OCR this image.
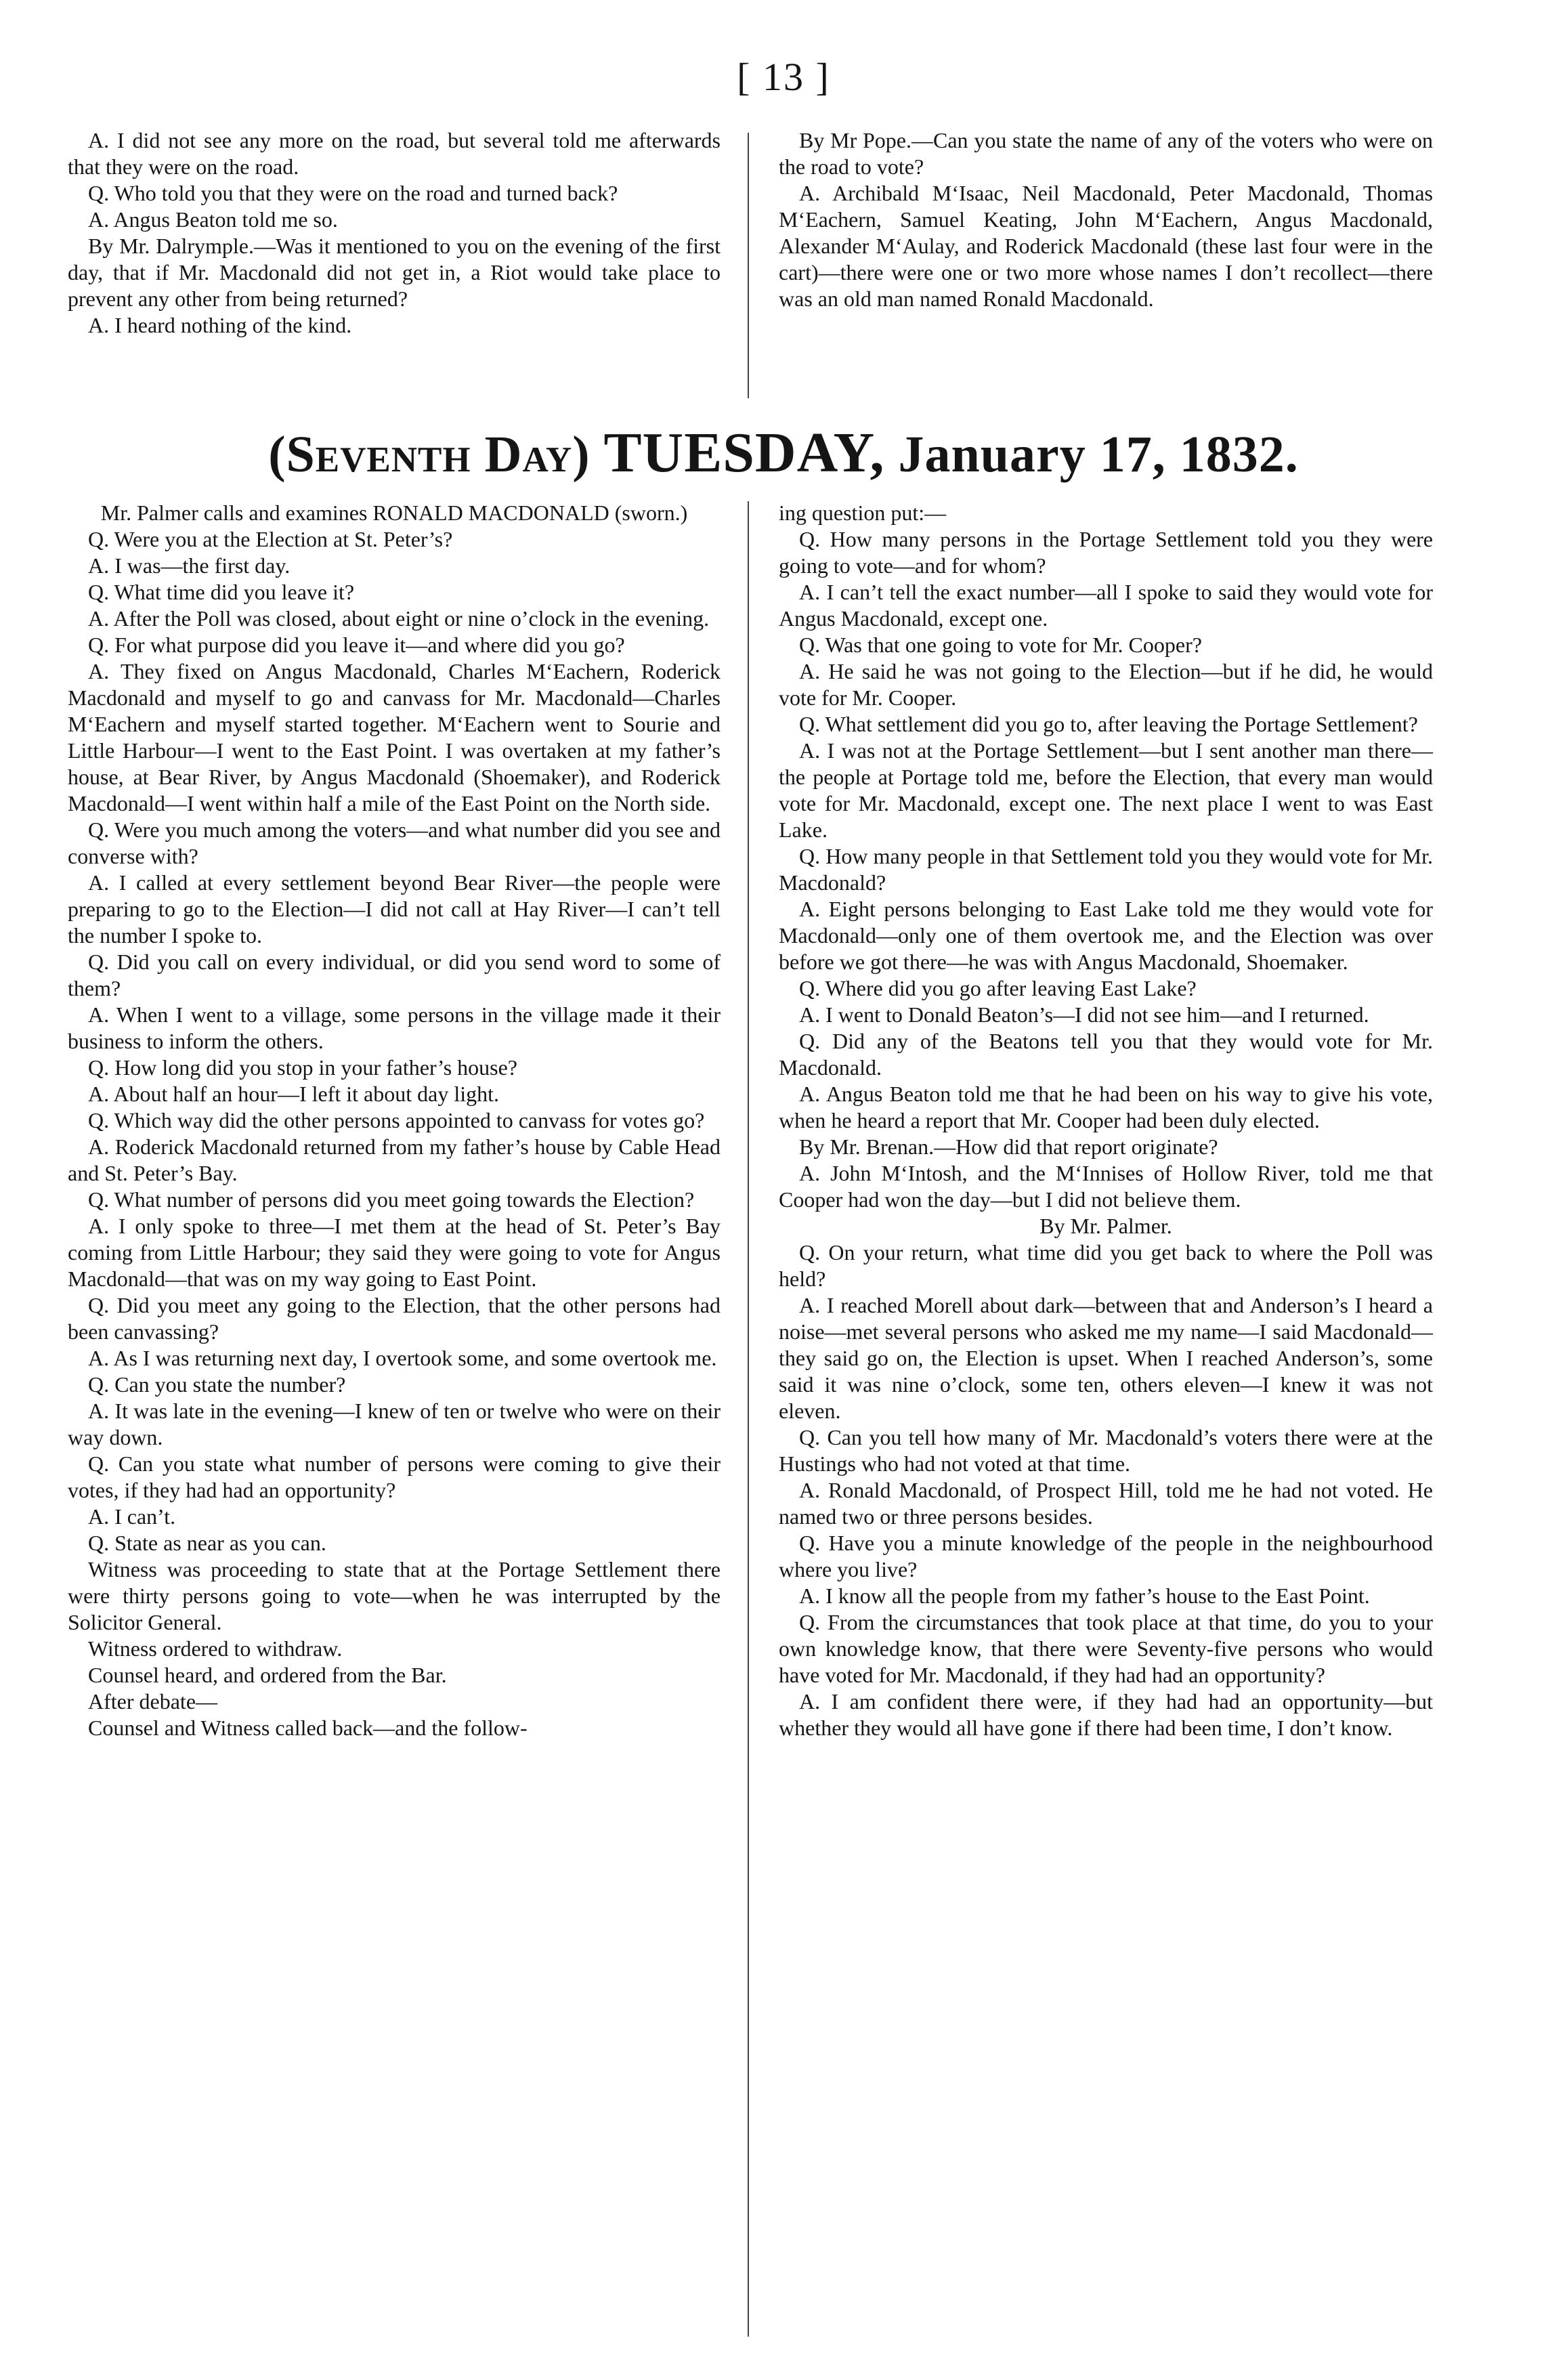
[ 13 ]

A. I did not see any more on the road, but several told me afterwards that they were on the road.

Q. Who told you that they were on the road and turned back?

A. Angus Beaton told me so.

By Mr. Dalrymple.—Was it mentioned to you on the evening of the first day, that if Mr. Macdonald did not get in, a Riot would take place to prevent any other from being returned?

A. I heard nothing of the kind.

By Mr Pope.—Can you state the name of any of the voters who were on the road to vote?

A. Archibald M‘Isaac, Neil Macdonald, Peter Macdonald, Thomas M‘Eachern, Samuel Keating, John M‘Eachern, Angus Macdonald, Alexander M‘Aulay, and Roderick Macdonald (these last four were in the cart)—there were one or two more whose names I don’t recollect—there was an old man named Ronald Macdonald.

(Seventh Day) TUESDAY, January 17, 1832.

Mr. Palmer calls and examines RONALD MACDONALD (sworn.)

Q. Were you at the Election at St. Peter’s?

A. I was—the first day.

Q. What time did you leave it?

A. After the Poll was closed, about eight or nine o’clock in the evening.

Q. For what purpose did you leave it—and where did you go?

A. They fixed on Angus Macdonald, Charles M‘Eachern, Roderick Macdonald and myself to go and canvass for Mr. Macdonald—Charles M‘Eachern and myself started together. M‘Eachern went to Sourie and Little Harbour—I went to the East Point. I was overtaken at my father’s house, at Bear River, by Angus Macdonald (Shoemaker), and Roderick Macdonald—I went within half a mile of the East Point on the North side.

Q. Were you much among the voters—and what number did you see and converse with?

A. I called at every settlement beyond Bear River—the people were preparing to go to the Election—I did not call at Hay River—I can’t tell the number I spoke to.

Q. Did you call on every individual, or did you send word to some of them?

A. When I went to a village, some persons in the village made it their business to inform the others.

Q. How long did you stop in your father’s house?

A. About half an hour—I left it about day light.

Q. Which way did the other persons appointed to canvass for votes go?

A. Roderick Macdonald returned from my father’s house by Cable Head and St. Peter’s Bay.

Q. What number of persons did you meet going towards the Election?

A. I only spoke to three—I met them at the head of St. Peter’s Bay coming from Little Harbour; they said they were going to vote for Angus Macdonald—that was on my way going to East Point.

Q. Did you meet any going to the Election, that the other persons had been canvassing?

A. As I was returning next day, I overtook some, and some overtook me.

Q. Can you state the number?

A. It was late in the evening—I knew of ten or twelve who were on their way down.

Q. Can you state what number of persons were coming to give their votes, if they had had an opportunity?

A. I can’t.

Q. State as near as you can.

Witness was proceeding to state that at the Portage Settlement there were thirty persons going to vote—when he was interrupted by the Solicitor General.

Witness ordered to withdraw.

Counsel heard, and ordered from the Bar.

After debate—

Counsel and Witness called back—and the follow-

ing question put:—

Q. How many persons in the Portage Settlement told you they were going to vote—and for whom?

A. I can’t tell the exact number—all I spoke to said they would vote for Angus Macdonald, except one.

Q. Was that one going to vote for Mr. Cooper?

A. He said he was not going to the Election—but if he did, he would vote for Mr. Cooper.

Q. What settlement did you go to, after leaving the Portage Settlement?

A. I was not at the Portage Settlement—but I sent another man there—the people at Portage told me, before the Election, that every man would vote for Mr. Macdonald, except one. The next place I went to was East Lake.

Q. How many people in that Settlement told you they would vote for Mr. Macdonald?

A. Eight persons belonging to East Lake told me they would vote for Macdonald—only one of them overtook me, and the Election was over before we got there—he was with Angus Macdonald, Shoemaker.

Q. Where did you go after leaving East Lake?

A. I went to Donald Beaton’s—I did not see him—and I returned.

Q. Did any of the Beatons tell you that they would vote for Mr. Macdonald.

A. Angus Beaton told me that he had been on his way to give his vote, when he heard a report that Mr. Cooper had been duly elected.

By Mr. Brenan.—How did that report originate?

A. John M‘Intosh, and the M‘Innises of Hollow River, told me that Cooper had won the day—but I did not believe them.

By Mr. Palmer.

Q. On your return, what time did you get back to where the Poll was held?

A. I reached Morell about dark—between that and Anderson’s I heard a noise—met several persons who asked me my name—I said Macdonald—they said go on, the Election is upset. When I reached Anderson’s, some said it was nine o’clock, some ten, others eleven—I knew it was not eleven.

Q. Can you tell how many of Mr. Macdonald’s voters there were at the Hustings who had not voted at that time.

A. Ronald Macdonald, of Prospect Hill, told me he had not voted. He named two or three persons besides.

Q. Have you a minute knowledge of the people in the neighbourhood where you live?

A. I know all the people from my father’s house to the East Point.

Q. From the circumstances that took place at that time, do you to your own knowledge know, that there were Seventy-five persons who would have voted for Mr. Macdonald, if they had had an opportunity?

A. I am confident there were, if they had had an opportunity—but whether they would all have gone if there had been time, I don’t know.
